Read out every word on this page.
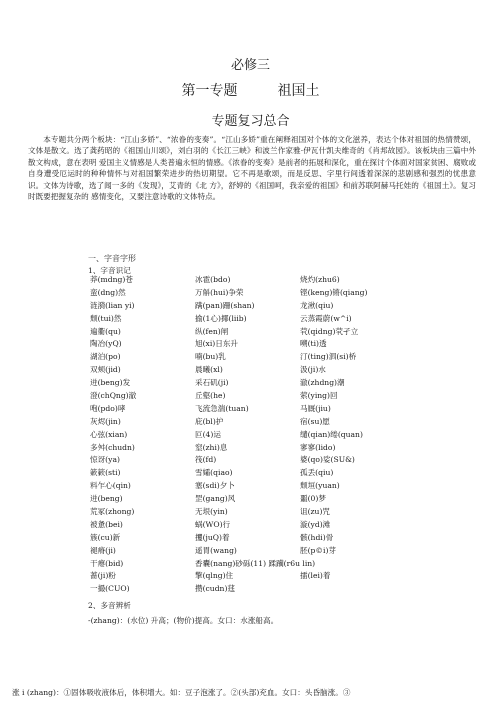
必修三
第一专题	祖国土
专题复习总合
本专题共分两个板块：“江山多娇”、“浓眷的变奏”。“江山多娇”重在阐释祖国对个体的文化滋养，表达个体对祖国的热情赞颂，文体是散文。选了龚药昭的《祖国山川颂》，刘白羽的《长江三峡》和波兰作家雅·伊瓦什凯夫维奇的《肖邦故园》。该板块由三篇中外散文构成，意在表明 爱国主义情感是人类普遍永恒的情感。《浓眷的变奏》是前者的拓展和深化，重在探讨个体面对国家贫困、腐败或自身遭受厄运时的种种情怀与对祖国繁荣进步的热切期望。它不再是歌颂，而是反思、字里行间透着深深的悲剧感和强烈的忧患意识。文体为诗歌，选了闻一多的《发现》，艾青的《北 方》，舒婷的《祖国呵，我亲爱的祖国》和前苏联阿赫马托娃的《祖国土》。复习时既要把握复杂的 感情变化，又要注意诗歌的文体特点。
一、字音字形
1、字音识记
莽(mdng)苍	冰雹(bdo)	烧灼(zhu6)
蛮(dng)然	万斛(hui)争荣	铿(keng)锵(qiang)
涟漪(lian yi)	蹒(pan)跚(shan)	龙湫(qiu)
颓(tui)然	揄(1心)揶(liib)	云蒸霞蔚(w^i)
遍衢(qu)	纵(fen)闸	茕(qidng)茕孑立
陶冶(yQ)	旭(xi)日东升	嗍(ti)透
湖泊(po)	喃(bu)乳	汀(ting)泗(si)桥
双颊(jid)	晨曦(xl)	汲(ji)水
迸(beng)发	采石矶(ji)	澈(zhdng)潮
澄(chQng)澈	丘壑(he)	萦(ying)回
咆(pdo)哮	飞流急湍(tuan)	马厩(jiu)
灰烬(jin)	庇(bl)护	宿(su)愿
心弦(xian)	叵(4)运	缱(qian)绻(quan)
多舛(chudn)	窒(zhi)息	寥寥(lido)
惊讶(ya)	筏(fd)	婆(qo)娑(SU&)
簌簌(sti)	雪孀(qiao)	孤丢(qiu)
料乍心(qin)	塞(sdi)夕卜	颓垣(yuan)
迸(beng)	罡(gang)风	噩(0)梦
荒冢(zhong)	无垠(yin)	诅(zu)咒
被惫(bei)	蜗(WO)行	漩(yd)滩
簇(cu)新	攫(juQ)着	骸(hdi)骨
褪瘠(ji)	遥胃(wang)	胚(p©i)芽
干瘪(bid)	香囊(nang)砂砾(11) 蹂躏(r6u lin)
蔷(ji)粉	擎(qlng)住	擂(lei)着
一撮(CUO)	攒(cudn)莛
2、多音辨析
-(zhang)：(水位) 升高；(物价)提高。女口：水涨船高。
涨 i (zhang)：①固体吸收液体后，体积增大。如：豆子泡涨了。②(头部)充血。女口：头昏脑涨。③
